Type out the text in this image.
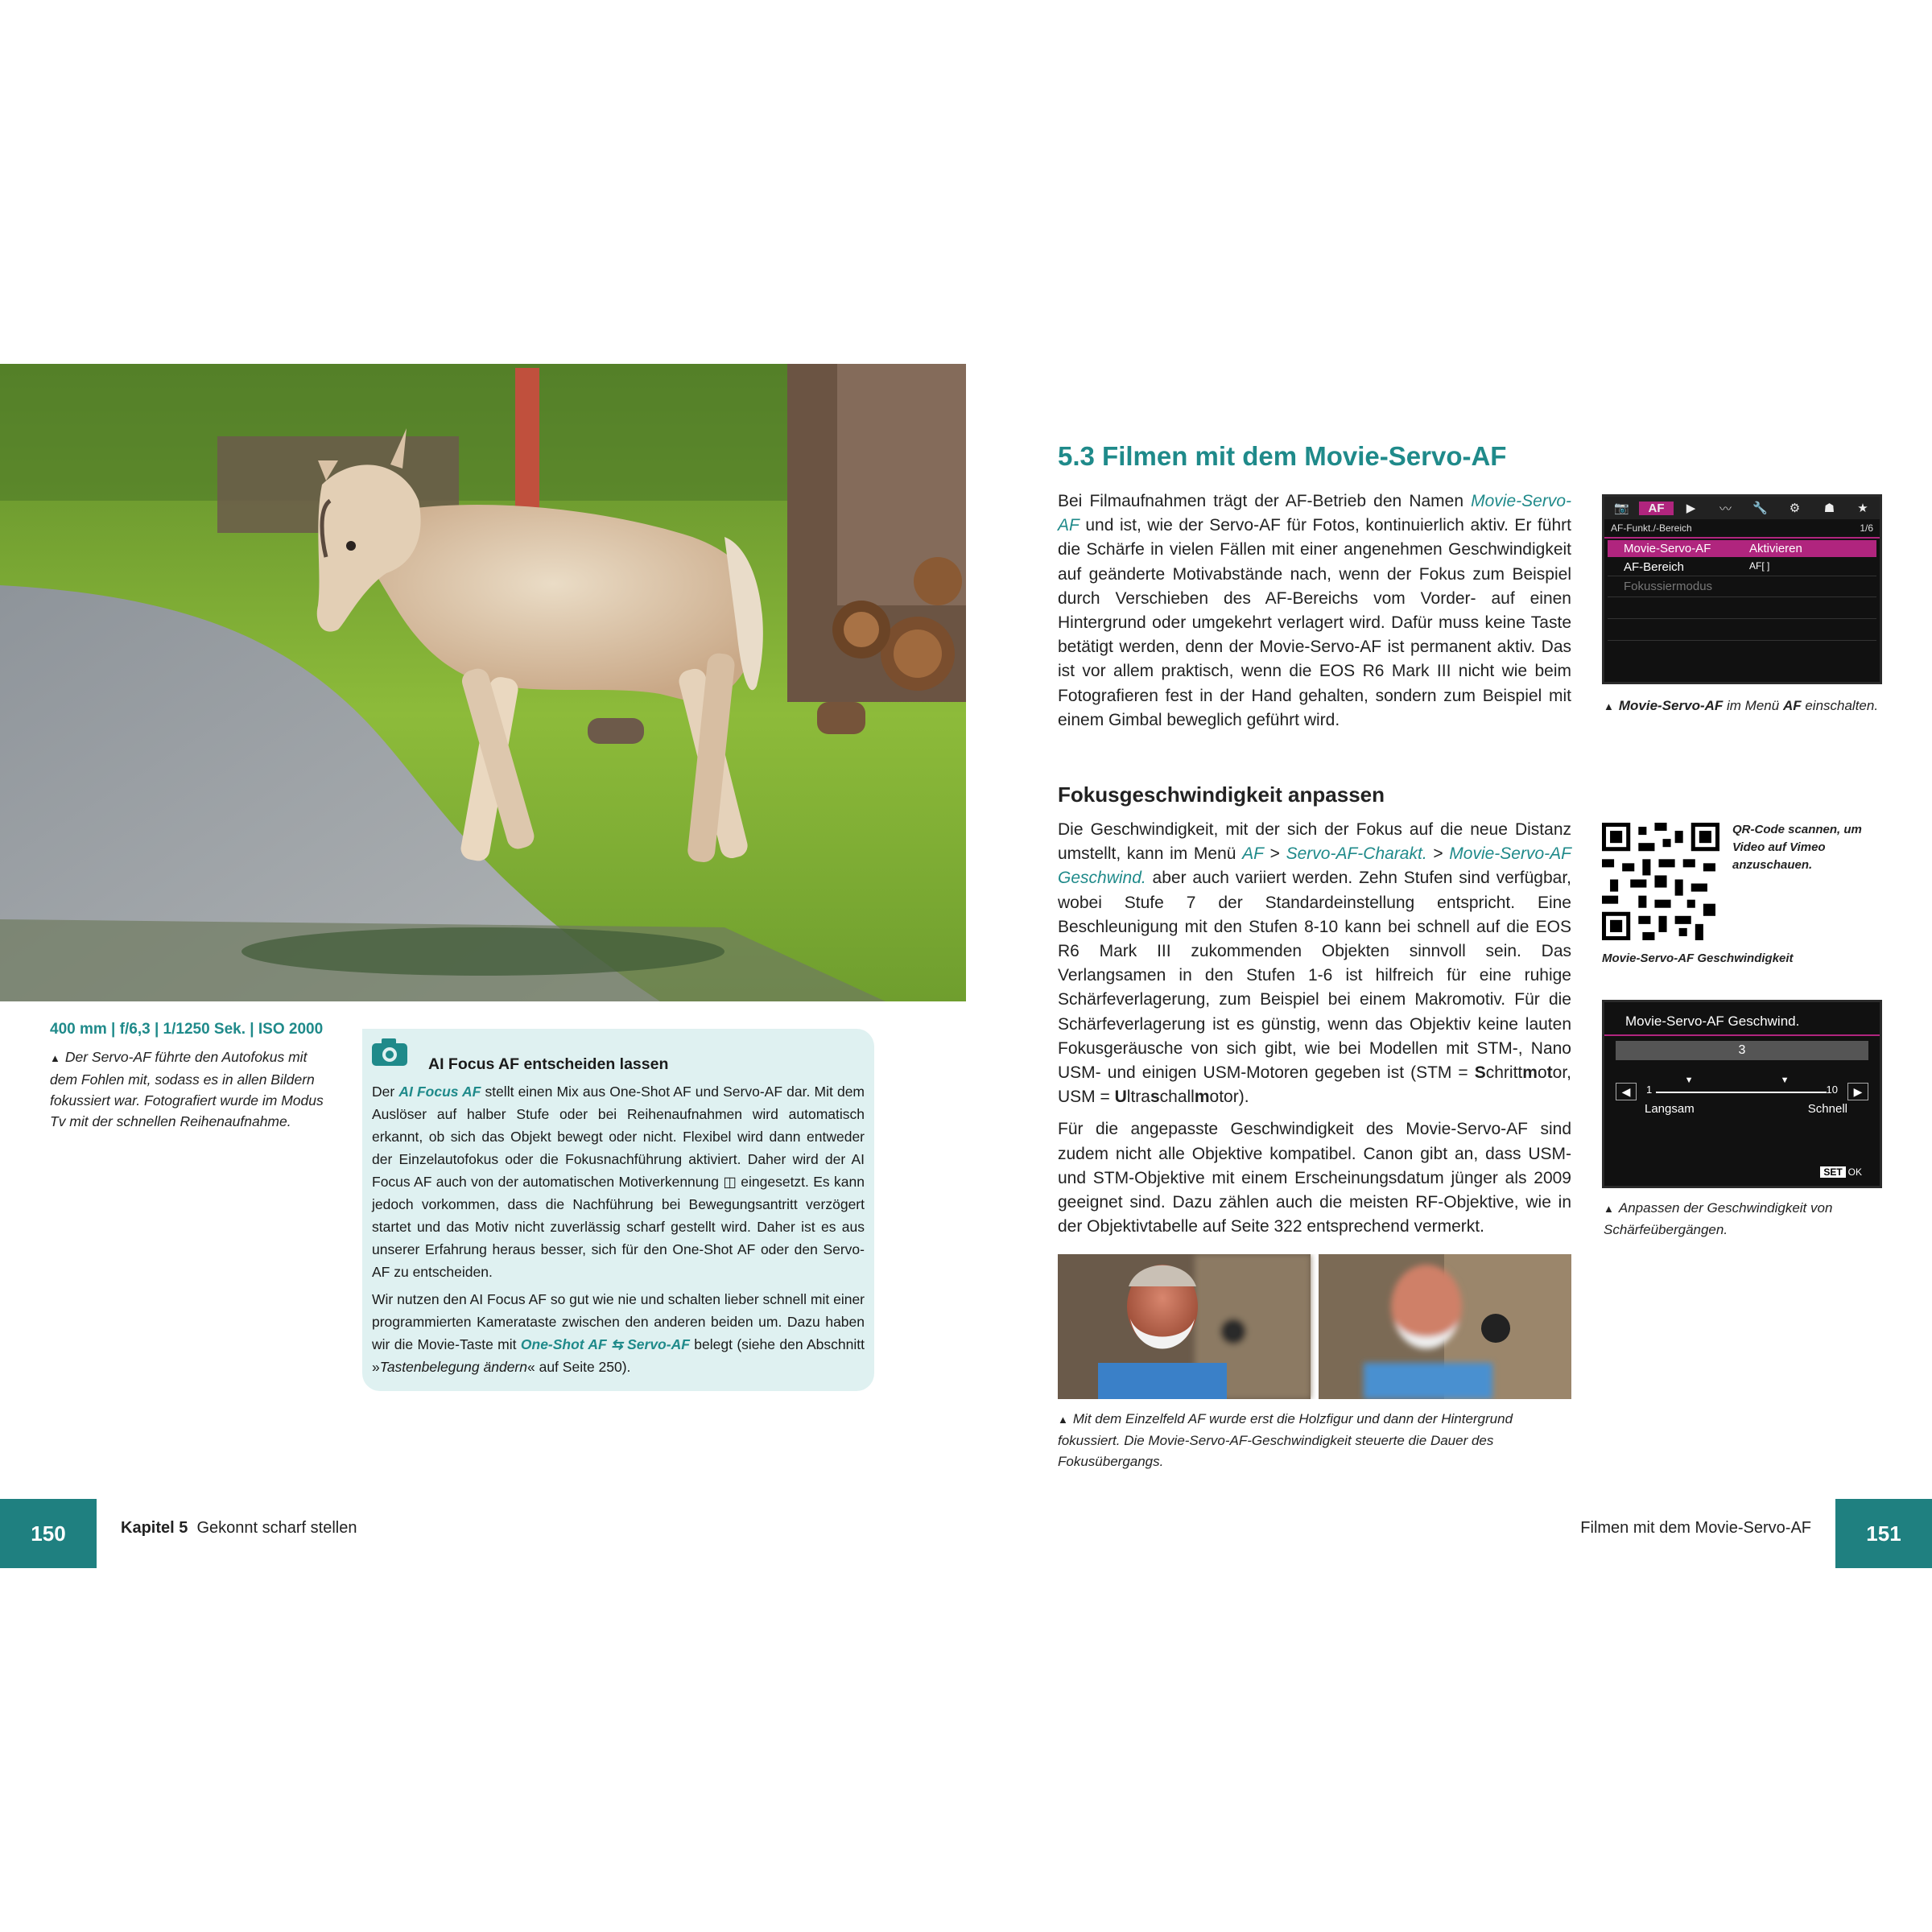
400 mm | f/6,3 | 1/1250 Sek. | ISO 2000
▲ Der Servo-AF führte den Autofokus mit dem Fohlen mit, sodass es in allen Bildern fokussiert war. Fotografiert wurde im Modus Tv mit der schnellen Reihenaufnahme.
AI Focus AF entscheiden lassen

Der AI Focus AF stellt einen Mix aus One-Shot AF und Servo-AF dar. Mit dem Auslöser auf halber Stufe oder bei Reihenaufnahmen wird automatisch erkannt, ob sich das Objekt bewegt oder nicht. Flexibel wird dann entweder der Einzelautofokus oder die Fokusnachführung aktiviert. Daher wird der AI Focus AF auch von der automatischen Motiverkennung ◫ eingesetzt. Es kann jedoch vorkommen, dass die Nachführung bei Bewegungsantritt verzögert startet und das Motiv nicht zuverlässig scharf gestellt wird. Daher ist es aus unserer Erfahrung heraus besser, sich für den One-Shot AF oder den Servo-AF zu entscheiden.

Wir nutzen den AI Focus AF so gut wie nie und schalten lieber schnell mit einer programmierten Kamerataste zwischen den anderen beiden um. Dazu haben wir die Movie-Taste mit One-Shot AF ⇆ Servo-AF belegt (siehe den Abschnitt »Tastenbelegung ändern« auf Seite 250).

150	Kapitel 5 Gekonnt scharf stellen
5.3 Filmen mit dem Movie-Servo-AF

Bei Filmaufnahmen trägt der AF-Betrieb den Namen Movie-Servo-AF und ist, wie der Servo-AF für Fotos, kontinuierlich aktiv. Er führt die Schärfe in vielen Fällen mit einer angenehmen Geschwindigkeit auf geänderte Motivabstände nach, wenn der Fokus zum Beispiel durch Verschieben des AF-Bereichs vom Vorder- auf einen Hintergrund oder umgekehrt verlagert wird. Dafür muss keine Taste betätigt werden, denn der Movie-Servo-AF ist permanent aktiv. Das ist vor allem praktisch, wenn die EOS R6 Mark III nicht wie beim Fotografieren fest in der Hand gehalten, sondern zum Beispiel mit einem Gimbal beweglich geführt wird.

Fokusgeschwindigkeit anpassen

Die Geschwindigkeit, mit der sich der Fokus auf die neue Distanz umstellt, kann im Menü AF > Servo-AF-Charakt. > Movie-Servo-AF Geschwind. aber auch variiert werden. Zehn Stufen sind verfügbar, wobei Stufe 7 der Standardeinstellung entspricht. Eine Beschleunigung mit den Stufen 8-10 kann bei schnell auf die EOS R6 Mark III zukommenden Objekten sinnvoll sein. Das Verlangsamen in den Stufen 1-6 ist hilfreich für eine ruhige Schärfeverlagerung, zum Beispiel bei einem Makromotiv. Für die Schärfeverlagerung ist es günstig, wenn das Objektiv keine lauten Fokusgeräusche von sich gibt, wie bei Modellen mit STM-, Nano USM- und einigen USM-Motoren gegeben ist (STM = Schrittmotor, USM = Ultraschallmotor).

Für die angepasste Geschwindigkeit des Movie-Servo-AF sind zudem nicht alle Objektive kompatibel. Canon gibt an, dass USM- und STM-Objektive mit einem Erscheinungsdatum jünger als 2009 geeignet sind. Dazu zählen auch die meisten RF-Objektive, wie in der Objektivtabelle auf Seite 322 entsprechend vermerkt.

📷	AF	▶	〰	🔧	⚙	☗	★
AF-Funkt./-Bereich	1/6
Movie-Servo-AF	Aktivieren
AF-Bereich	AF[ ]
Fokussiermodus
▲ Movie-Servo-AF im Menü AF einschalten.
QR-Code scannen, um Video auf Vimeo anzuschauen.
Movie-Servo-AF Geschwindigkeit
Movie-Servo-AF Geschwind.
3
◀	1	10
▼	▼
▶
Langsam	Schnell
SET OK
▲ Anpassen der Geschwindigkeit von Schärfeübergängen.
▲ Mit dem Einzelfeld AF wurde erst die Holzfigur und dann der Hintergrund fokussiert. Die Movie-Servo-AF-Geschwindigkeit steuerte die Dauer des Fokusübergangs.
Filmen mit dem Movie-Servo-AF	151
